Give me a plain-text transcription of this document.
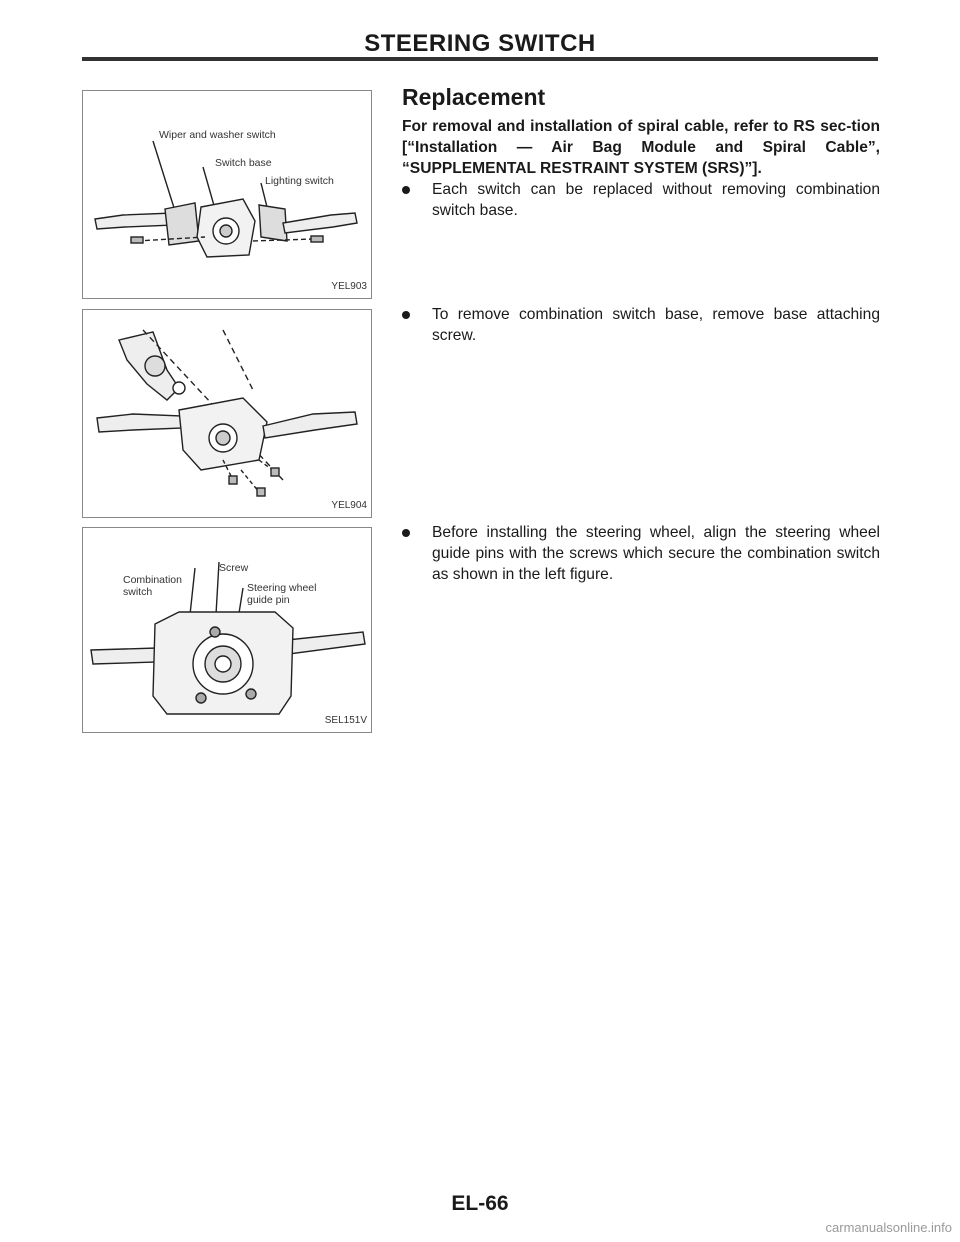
STEERING SWITCH
Wiper and washer switch
Switch base
Lighting switch
YEL903
YEL904
Combination
switch
Screw
Steering wheel
guide pin
SEL151V
Replacement
For removal and installation of spiral cable, refer to RS sec-tion [“Installation — Air Bag Module and Spiral Cable”, “SUPPLEMENTAL RESTRAINT SYSTEM (SRS)”].
Each switch can be replaced without removing combination switch base.
To remove combination switch base, remove base attaching screw.
Before installing the steering wheel, align the steering wheel guide pins with the screws which secure the combination switch as shown in the left figure.
EL-66
carmanualsonline.info
